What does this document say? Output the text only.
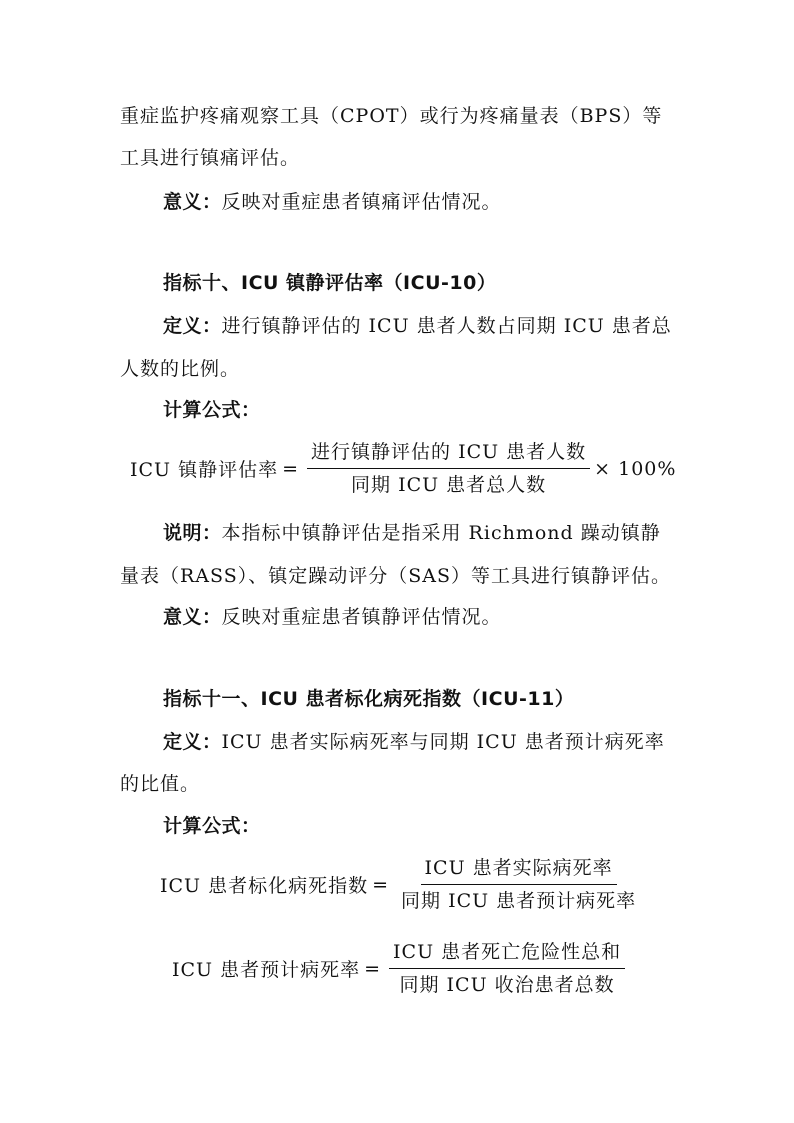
重症监护疼痛观察工具（CPOT）或行为疼痛量表（BPS）等
工具进行镇痛评估。
意义：反映对重症患者镇痛评估情况。
指标十、ICU 镇静评估率（ICU-10）
定义：进行镇静评估的 ICU 患者人数占同期 ICU 患者总
人数的比例。
计算公式：
ICU 镇静评估率 = $\frac{\text{进行镇静评估的 ICU 患者人数}}{\text{同期 ICU 患者总人数}} \times 100\%$
说明：本指标中镇静评估是指采用 Richmond 躁动镇静
量表（RASS）、镇定躁动评分（SAS）等工具进行镇静评估。
意义：反映对重症患者镇静评估情况。
指标十一、ICU 患者标化病死指数（ICU-11）
定义：ICU 患者实际病死率与同期 ICU 患者预计病死率
的比值。
计算公式：
ICU 患者标化病死指数 = $\frac{\text{ICU 患者实际病死率}}{\text{同期 ICU 患者预计病死率}}$
ICU 患者预计病死率 = $\frac{\text{ICU 患者死亡危险性总和}}{\text{同期 ICU 收治患者总数}}$
